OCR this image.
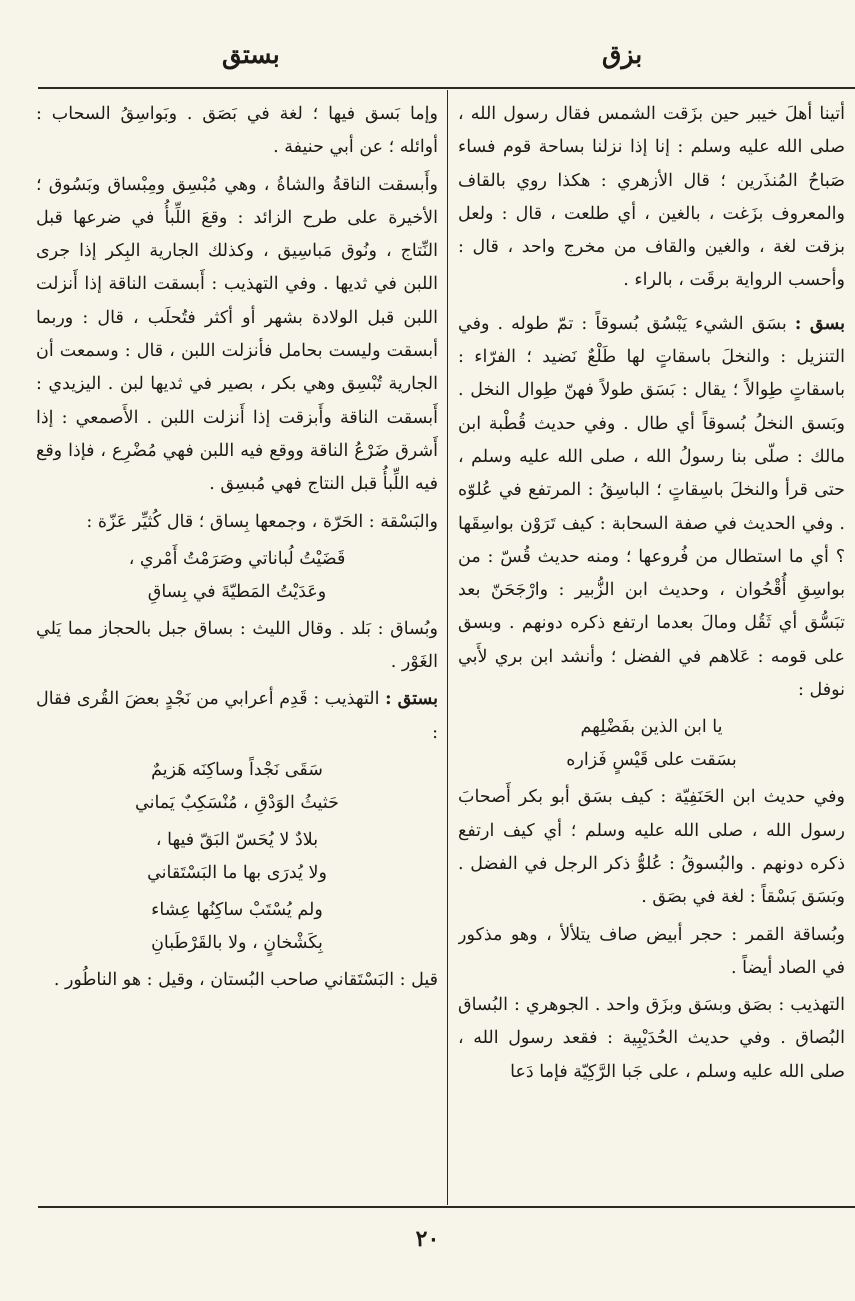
بزق
بستق

أتينا أهلَ خيبر حين بزَقت الشمس فقال رسول الله ، صلى الله عليه وسلم : إنا إذا نزلنا بساحة قوم فساء صَباحُ المُنذَرين ؛ قال الأزهري : هكذا روي بالقاف والمعروف بزَغت ، بالغين ، أي طلعت ، قال : ولعل بزقت لغة ، والغين والقاف من مخرج واحد ، قال : وأحسب الرواية برقَت ، بالراء .

بسق : بسَق الشيء يَبْسُق بُسوقاً : تمّ طوله . وفي التنزيل : والنخلَ باسقاتٍ لها طَلْعٌ نَضيد ؛ الفرّاء : باسقاتٍ طِوالاً ؛ يقال : بَسَق طولاً فهنّ طِوال النخل . وبَسق النخلُ بُسوقاً أي طال . وفي حديث قُطْبة ابن مالك : صلّى بنا رسولُ الله ، صلى الله عليه وسلم ، حتى قرأ والنخلَ باسِقاتٍ ؛ الباسِقُ : المرتفع في عُلوّه . وفي الحديث في صفة السحابة : كيف تَرَوْن بواسِقَها ؟ أي ما استطال من فُروعها ؛ ومنه حديث قُسّ : من بواسِقِ أُقْحُوان ، وحديث ابن الزُّبير : وارْجَحَنّ بعد تبَسُّق أي ثَقُل ومالَ بعدما ارتفع ذكره دونهم . وبسق على قومه : عَلاهم في الفضل ؛ وأنشد ابن بري لأَبي نوفل :

يا ابن الذين بفَضْلِهم
بسَقت على قَيْسٍ فَزاره

وفي حديث ابن الحَنَفِيّة : كيف بسَق أبو بكر أَصحابَ رسول الله ، صلى الله عليه وسلم ؛ أي كيف ارتفع ذكره دونهم . والبُسوقُ : عُلوُّ ذكر الرجل في الفضل . وبَسَق بَسْقاً : لغة في بصَق .

وبُساقة القمر : حجر أبيض صاف يتلألأ ، وهو مذكور في الصاد أيضاً .

التهذيب : بصَق وبسَق وبزَق واحد . الجوهري : البُساق البُصاق . وفي حديث الحُدَيْبِية : فقعد رسول الله ، صلى الله عليه وسلم ، على جَبا الرَّكِيّة فإما دَعا

وإما بَسق فيها ؛ لغة في بَصَق . وبَواسِقُ السحاب : أوائله ؛ عن أبي حنيفة .

وأَبسقت الناقةُ والشاةُ ، وهي مُبْسِق ومِبْساق وبَسُوق ؛ الأخيرة على طرح الزائد : وقعَ اللِّبأُ في ضرعها قبل النِّتاج ، ونُوق مَباسِيق ، وكذلك الجارية البِكر إذا جرى اللبن في ثديها . وفي التهذيب : أَبسقت الناقة إذا أَنزلت اللبن قبل الولادة بشهر أو أكثر فتُحلَب ، قال : وربما أبسقت وليست بحامل فأنزلت اللبن ، قال : وسمعت أن الجارية تُبْسِق وهي بكر ، بصير في ثديها لبن . اليزيدي : أَبسقت الناقة وأَبزقت إذا أَنزلت اللبن . الأَصمعي : إذا أَشرق ضَرْعُ الناقة ووقع فيه اللبن فهي مُضْرِع ، فإذا وقع فيه اللِّبأُ قبل النتاج فهي مُبسِق .

والبَسْقة : الحَرّة ، وجمعها بِساق ؛ قال كُثيِّر عَزّة :

قَضَيْتُ لُباناتي وصَرَمْتُ أَمْري ،
وعَدَيْتُ المَطيّةَ في بِساقِ

وبُساق : بَلد . وقال الليث : بساق جبل بالحجاز مما يَلي الغَوْر .

بستق : التهذيب : قَدِم أعرابي من نَجْدٍ بعضَ القُرى فقال :

سَقَى نَجْداً وساكِنَه هَزيمٌ
حَثيثُ الوَدْقِ ، مُنْسَكِبٌ يَماني
بلادٌ لا يُحَسّ البَقّ فيها ،
ولا يُدرَى بها ما البَسْتَقاني
ولم يُسْتَبْ ساكِنُها عِشاء
بِكَشْخانٍ ، ولا بالقَرْطَبانِ

قيل : البَسْتَقاني صاحب البُستان ، وقيل : هو الناطُور .

٢٠
